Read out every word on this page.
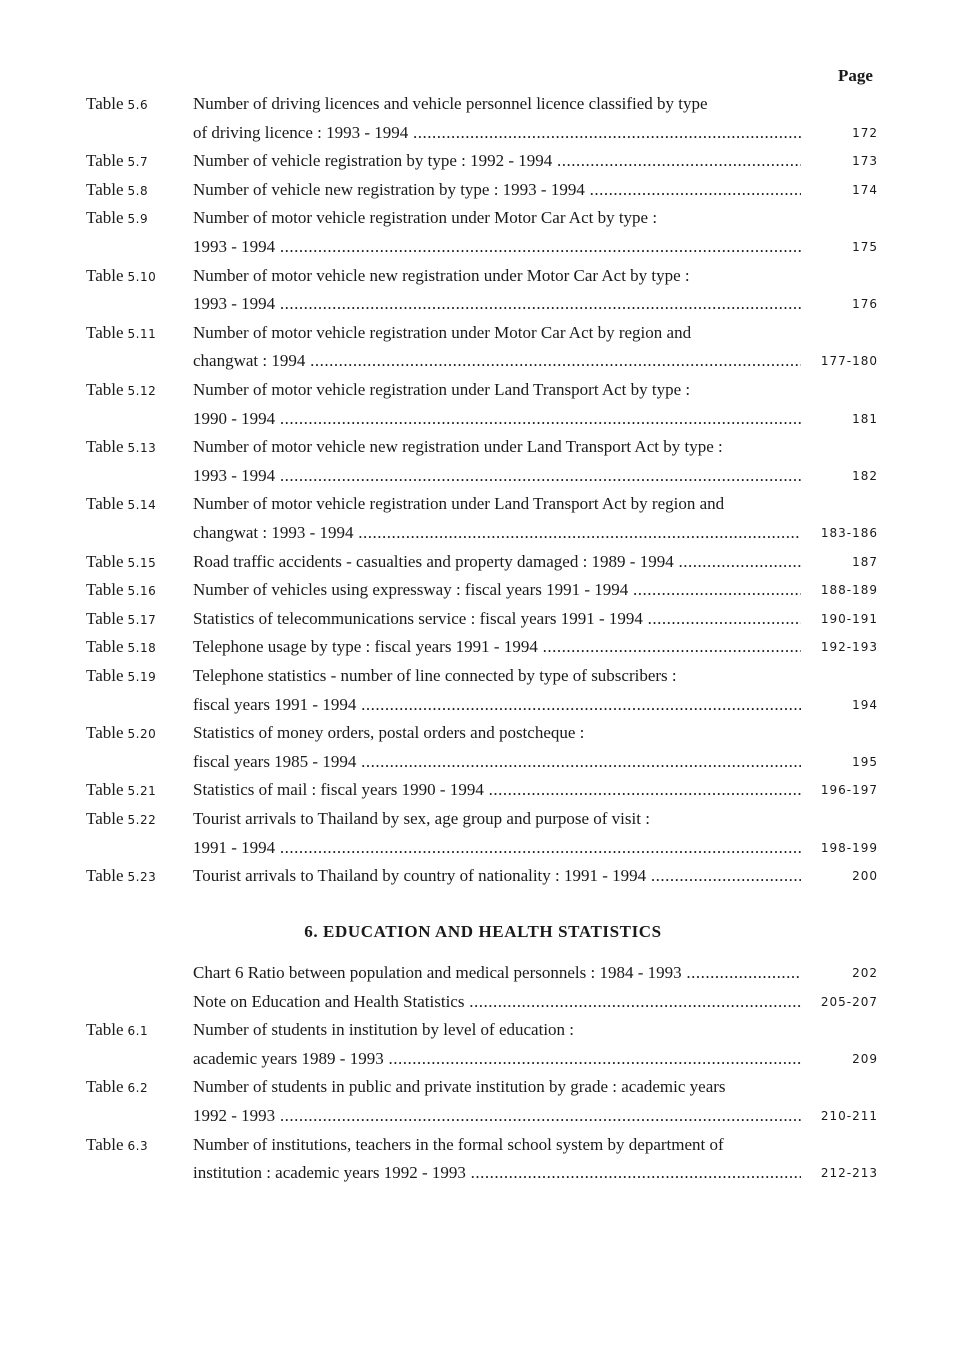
Page
Table 5.6	Number of driving licences and vehicle personnel licence classified by type
of driving licence : 1993 - 1994 .....	172
Table 5.7	Number of vehicle registration by type : 1992 - 1994 .....	173
Table 5.8	Number of vehicle new registration by type : 1993 - 1994 .....	174
Table 5.9	Number of motor vehicle registration under Motor Car Act by type :
1993 - 1994 .....	175
Table 5.10	Number of motor vehicle new registration under Motor Car Act by type :
1993 - 1994 .....	176
Table 5.11	Number of motor vehicle registration under Motor Car Act by region and
changwat : 1994 .....	177-180
Table 5.12	Number of motor vehicle registration under Land Transport Act by type :
1990 - 1994 .....	181
Table 5.13	Number of motor vehicle new registration under Land Transport Act by type :
1993 - 1994 .....	182
Table 5.14	Number of motor vehicle registration under Land Transport Act by region and
changwat : 1993 - 1994 .....	183-186
Table 5.15	Road traffic accidents - casualties and property damaged : 1989 - 1994 .....	187
Table 5.16	Number of vehicles using expressway : fiscal years 1991 - 1994 .....	188-189
Table 5.17	Statistics of telecommunications service : fiscal years 1991 - 1994 .....	190-191
Table 5.18	Telephone usage by type : fiscal years 1991 - 1994 .....	192-193
Table 5.19	Telephone statistics - number of line connected by type of subscribers :
fiscal years 1991 - 1994 .....	194
Table 5.20	Statistics of money orders, postal orders and postcheque :
fiscal years 1985 - 1994 .....	195
Table 5.21	Statistics of mail : fiscal years 1990 - 1994 .....	196-197
Table 5.22	Tourist arrivals to Thailand by sex, age group and purpose of visit :
1991 - 1994 .....	198-199
Table 5.23	Tourist arrivals to Thailand by country of nationality : 1991 - 1994 .....	200
6. EDUCATION AND HEALTH STATISTICS
Chart 6 Ratio between population and medical personnels : 1984 - 1993 .....	202
Note on Education and Health Statistics .....	205-207
Table 6.1	Number of students in institution by level of education :
academic years 1989 - 1993 .....	209
Table 6.2	Number of students in public and private institution by grade : academic years
1992 - 1993 .....	210-211
Table 6.3	Number of institutions, teachers in the formal school system by department of
institution : academic years 1992 - 1993 .....	212-213
